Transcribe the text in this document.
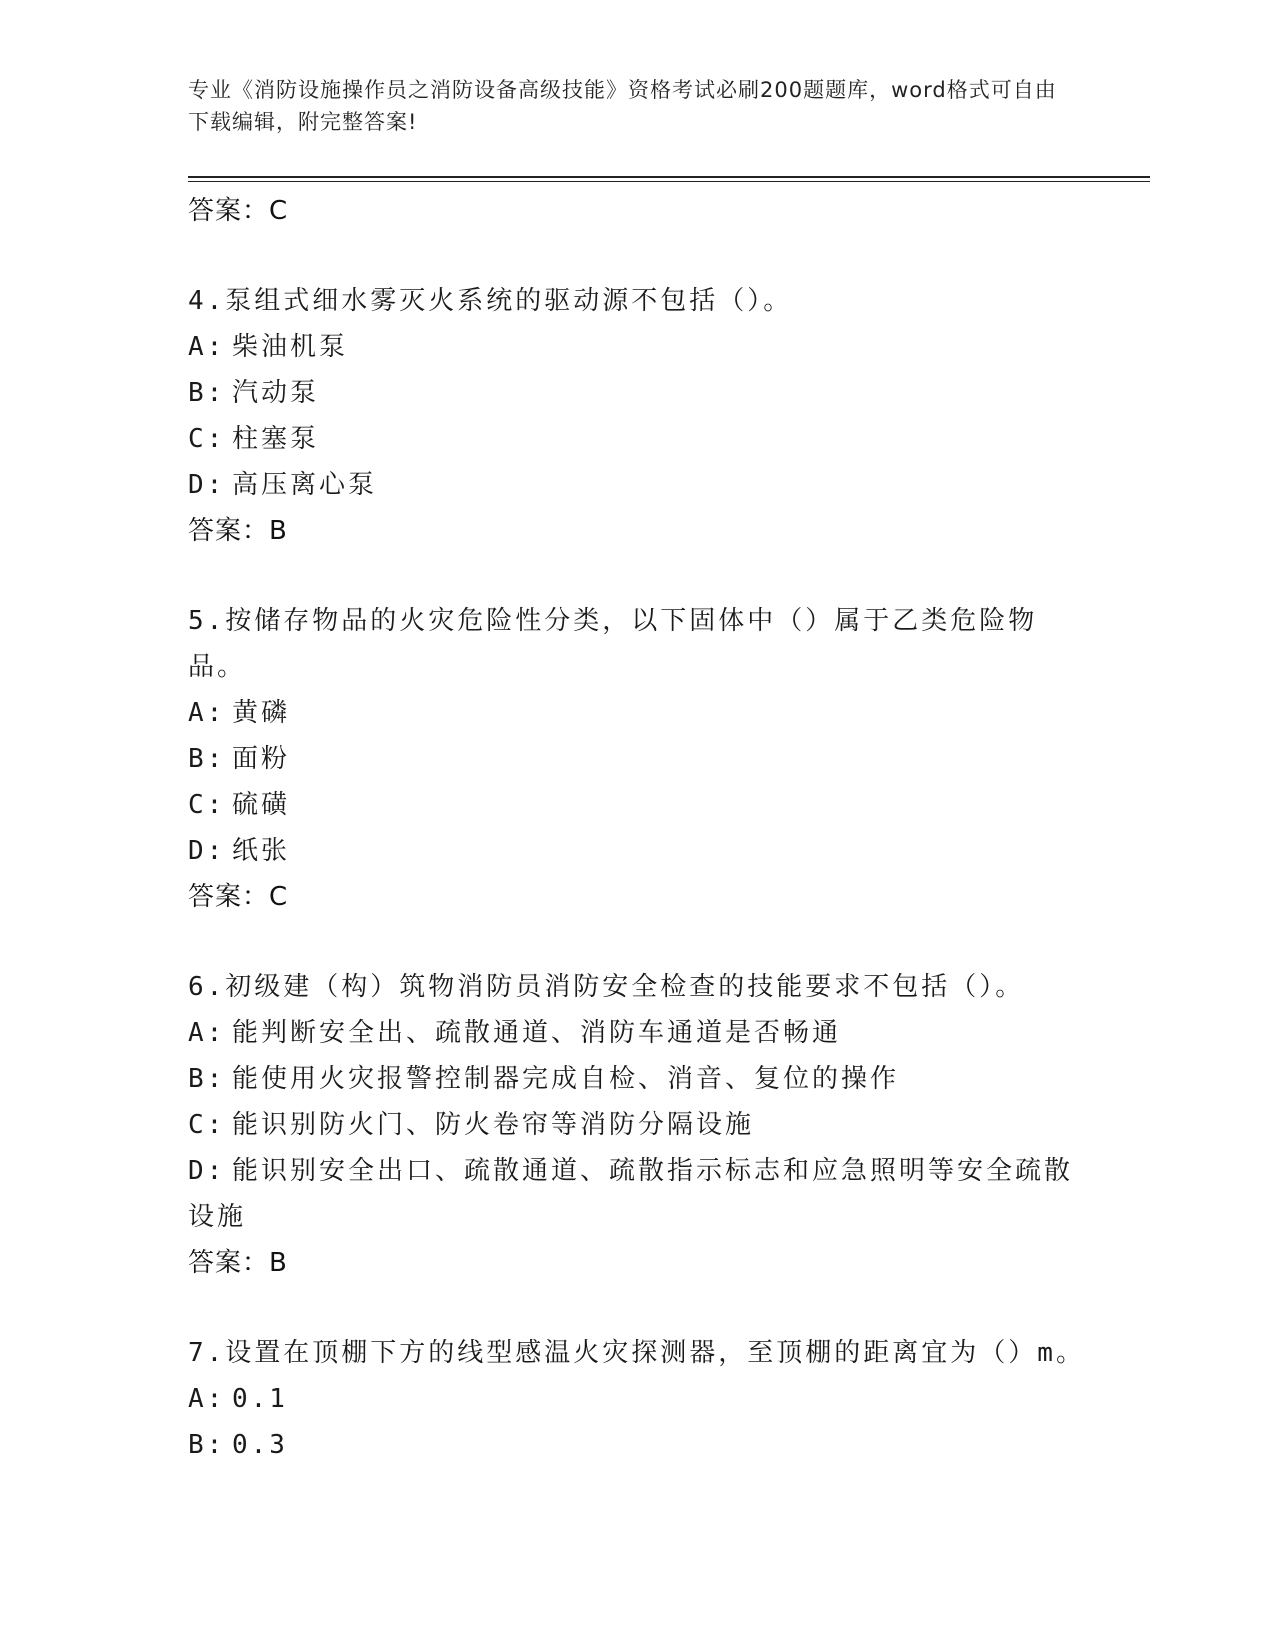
专业《消防设施操作员之消防设备高级技能》资格考试必刷200题题库，word格式可自由下载编辑，附完整答案!
答案：C
4.泵组式细水雾灭火系统的驱动源不包括（）。
A: 柴油机泵
B: 汽动泵
C: 柱塞泵
D: 高压离心泵
答案：B
5.按储存物品的火灾危险性分类，以下固体中（）属于乙类危险物品。
A: 黄磷
B: 面粉
C: 硫磺
D: 纸张
答案：C
6.初级建（构）筑物消防员消防安全检查的技能要求不包括（）。
A: 能判断安全出、疏散通道、消防车通道是否畅通
B: 能使用火灾报警控制器完成自检、消音、复位的操作
C: 能识别防火门、防火卷帘等消防分隔设施
D: 能识别安全出口、疏散通道、疏散指示标志和应急照明等安全疏散设施
答案：B
7.设置在顶棚下方的线型感温火灾探测器，至顶棚的距离宜为（）m。
A: 0.1
B: 0.3
